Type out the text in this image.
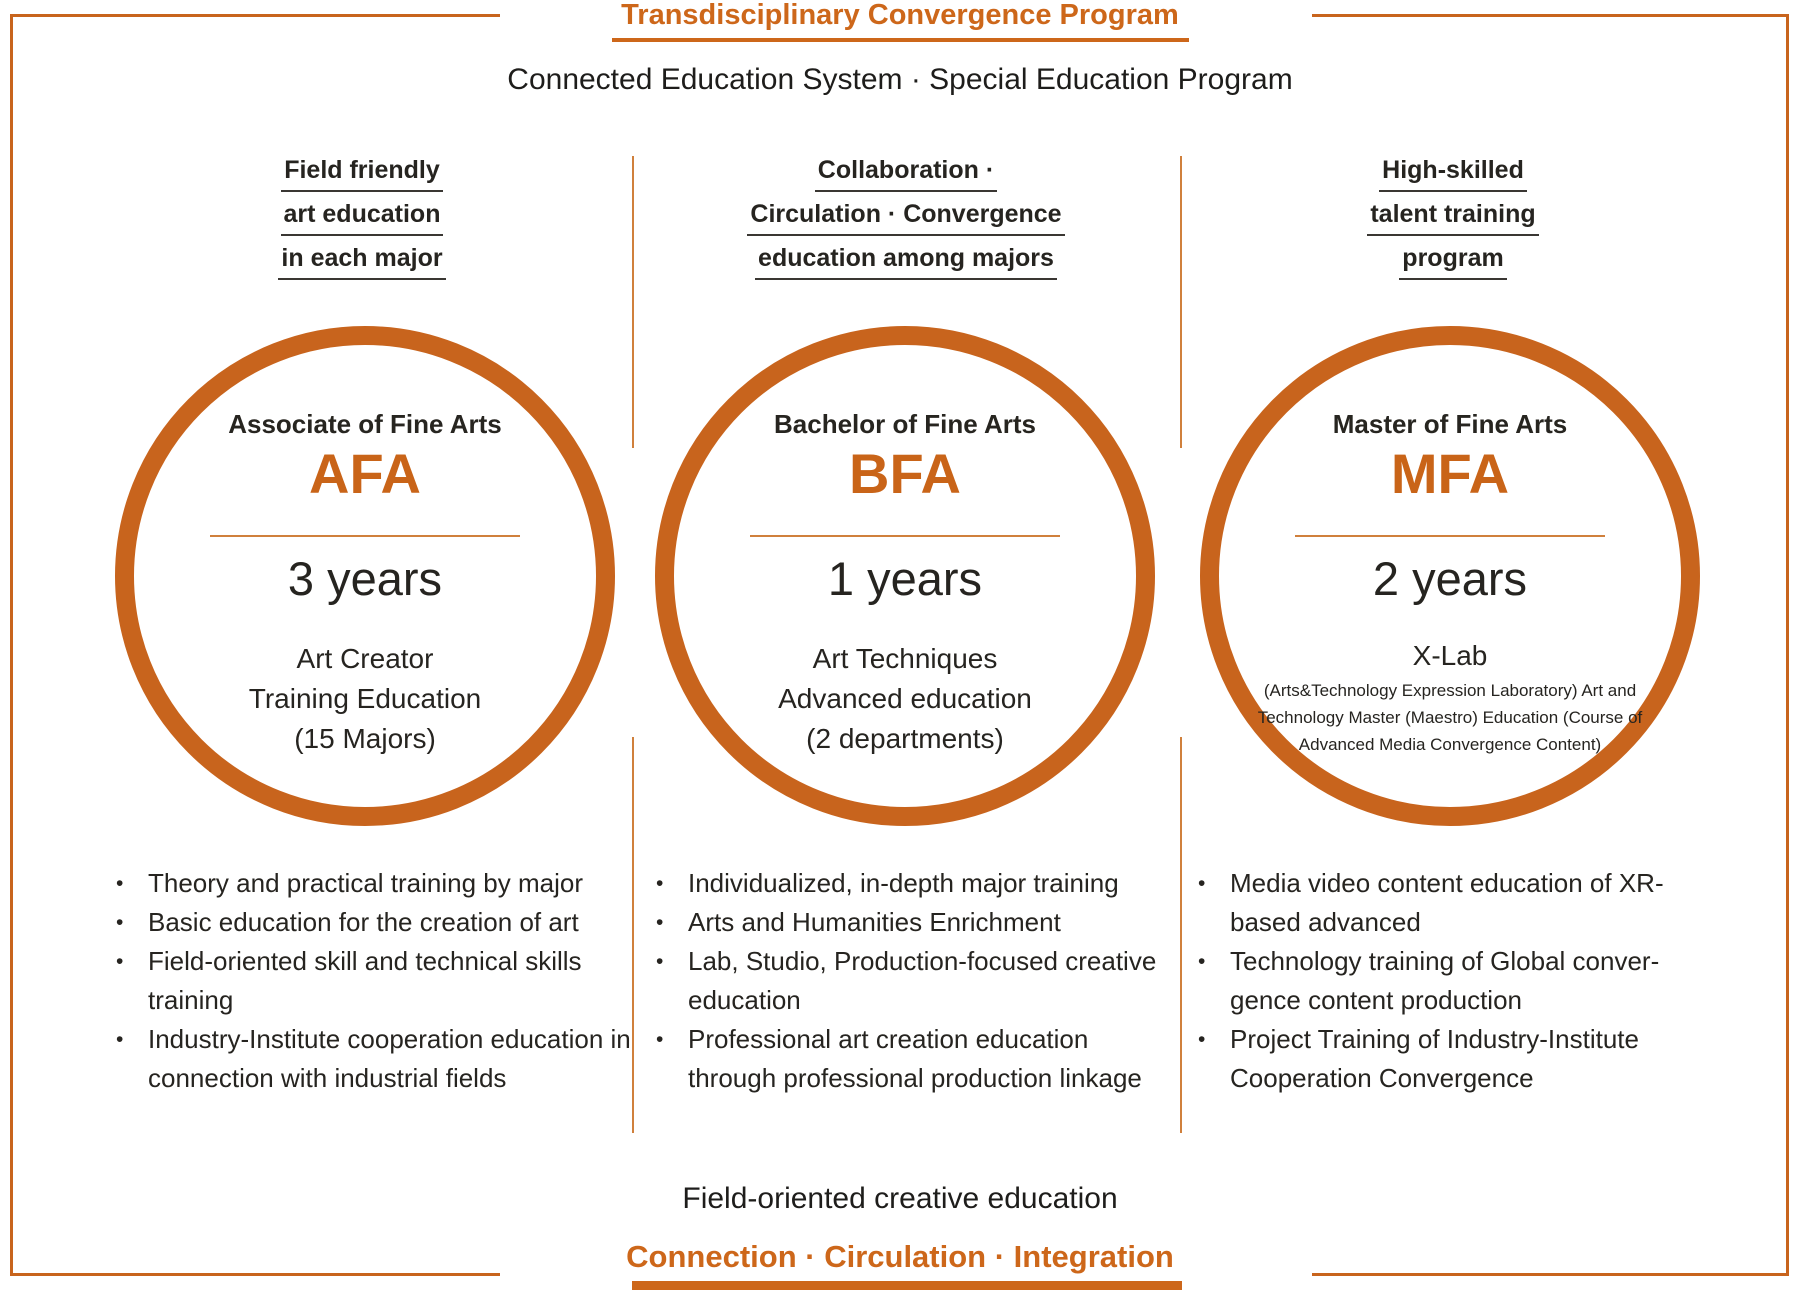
Transdisciplinary Convergence Program
Connected Education System · Special Education Program
Field friendly
art education
in each major
Collaboration ·
Circulation · Convergence
education among majors
High-skilled
talent training
program
Associate of Fine Arts
AFA
3 years
Art Creator
Training Education
(15 Majors)
Bachelor of Fine Arts
BFA
1 years
Art Techniques
Advanced education
(2 departments)
Master of Fine Arts
MFA
2 years
X-Lab
(Arts&Technology Expression Laboratory) Art and Technology Master (Maestro) Education (Course of Advanced Media Convergence Content)
• Theory and practical training by major
• Basic education for the creation of art
• Field-oriented skill and technical skills training
• Industry-Institute cooperation education in connection with industrial fields
• Individualized, in-depth major training
• Arts and Humanities Enrichment
• Lab, Studio, Production-focused creative education
• Professional art creation education through professional production linkage
• Media video content education of XR-based advanced
• Technology training of Global convergence content production
• Project Training of Industry-Institute Cooperation Convergence
Field-oriented creative education
Connection · Circulation · Integration
